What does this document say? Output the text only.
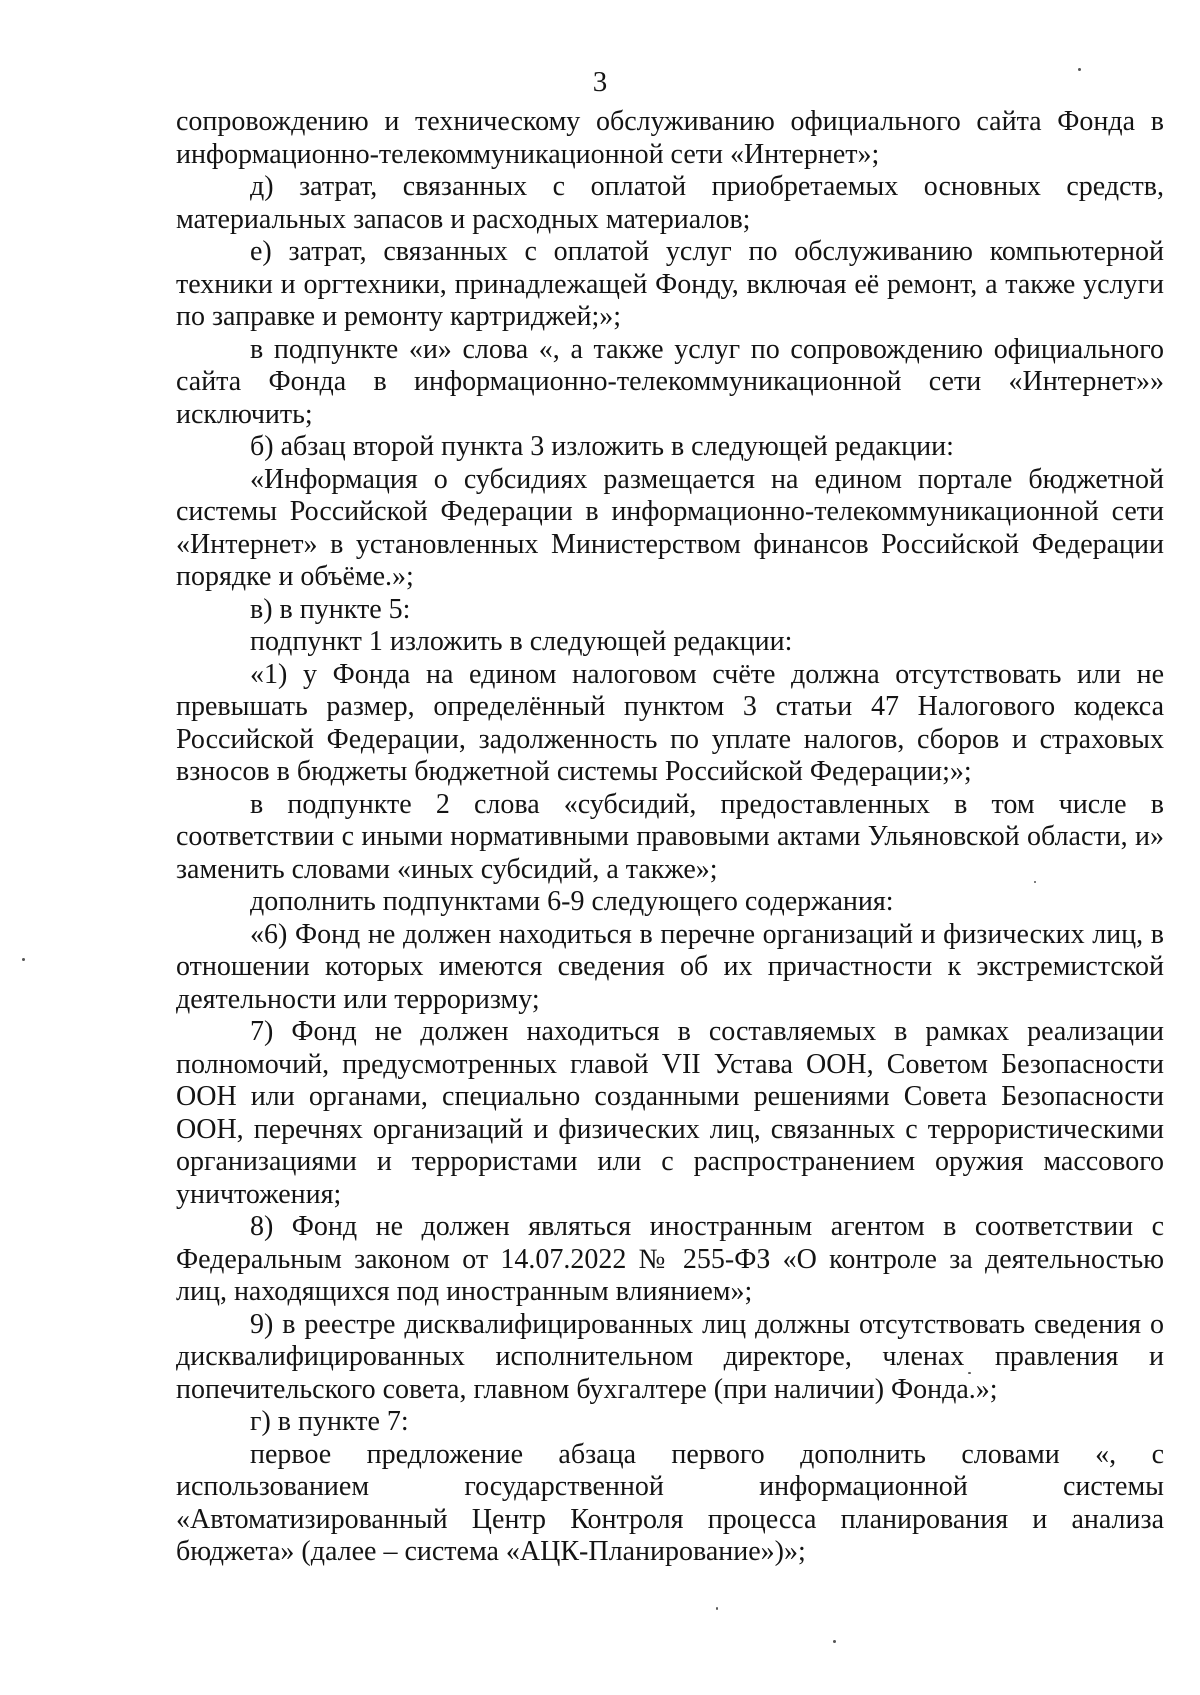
3

сопровождению и техническому обслуживанию официального сайта Фонда в информационно-телекоммуникационной сети «Интернет»;

д) затрат, связанных с оплатой приобретаемых основных средств, материальных запасов и расходных материалов;

е) затрат, связанных с оплатой услуг по обслуживанию компьютерной техники и оргтехники, принадлежащей Фонду, включая её ремонт, а также услуги по заправке и ремонту картриджей;»;

в подпункте «и» слова «, а также услуг по сопровождению официального сайта Фонда в информационно-телекоммуникационной сети «Интернет»» исключить;

б) абзац второй пункта 3 изложить в следующей редакции:

«Информация о субсидиях размещается на едином портале бюджетной системы Российской Федерации в информационно-телекоммуникационной сети «Интернет» в установленных Министерством финансов Российской Федерации порядке и объёме.»;

в) в пункте 5:

подпункт 1 изложить в следующей редакции:

«1) у Фонда на едином налоговом счёте должна отсутствовать или не превышать размер, определённый пунктом 3 статьи 47 Налогового кодекса Российской Федерации, задолженность по уплате налогов, сборов и страховых взносов в бюджеты бюджетной системы Российской Федерации;»;

в подпункте 2 слова «субсидий, предоставленных в том числе в соответствии с иными нормативными правовыми актами Ульяновской области, и» заменить словами «иных субсидий, а также»;

дополнить подпунктами 6-9 следующего содержания:

«6) Фонд не должен находиться в перечне организаций и физических лиц, в отношении которых имеются сведения об их причастности к экстремистской деятельности или терроризму;

7) Фонд не должен находиться в составляемых в рамках реализации полномочий, предусмотренных главой VII Устава ООН, Советом Безопасности ООН или органами, специально созданными решениями Совета Безопасности ООН, перечнях организаций и физических лиц, связанных с террористическими организациями и террористами или с распространением оружия массового уничтожения;

8) Фонд не должен являться иностранным агентом в соответствии с Федеральным законом от 14.07.2022 № 255-ФЗ «О контроле за деятельностью лиц, находящихся под иностранным влиянием»;

9) в реестре дисквалифицированных лиц должны отсутствовать сведения о дисквалифицированных исполнительном директоре, членах правления и попечительского совета, главном бухгалтере (при наличии) Фонда.»;

г) в пункте 7:

первое предложение абзаца первого дополнить словами «, с использованием государственной информационной системы «Автоматизированный Центр Контроля процесса планирования и анализа бюджета» (далее – система «АЦК-Планирование»)»;
